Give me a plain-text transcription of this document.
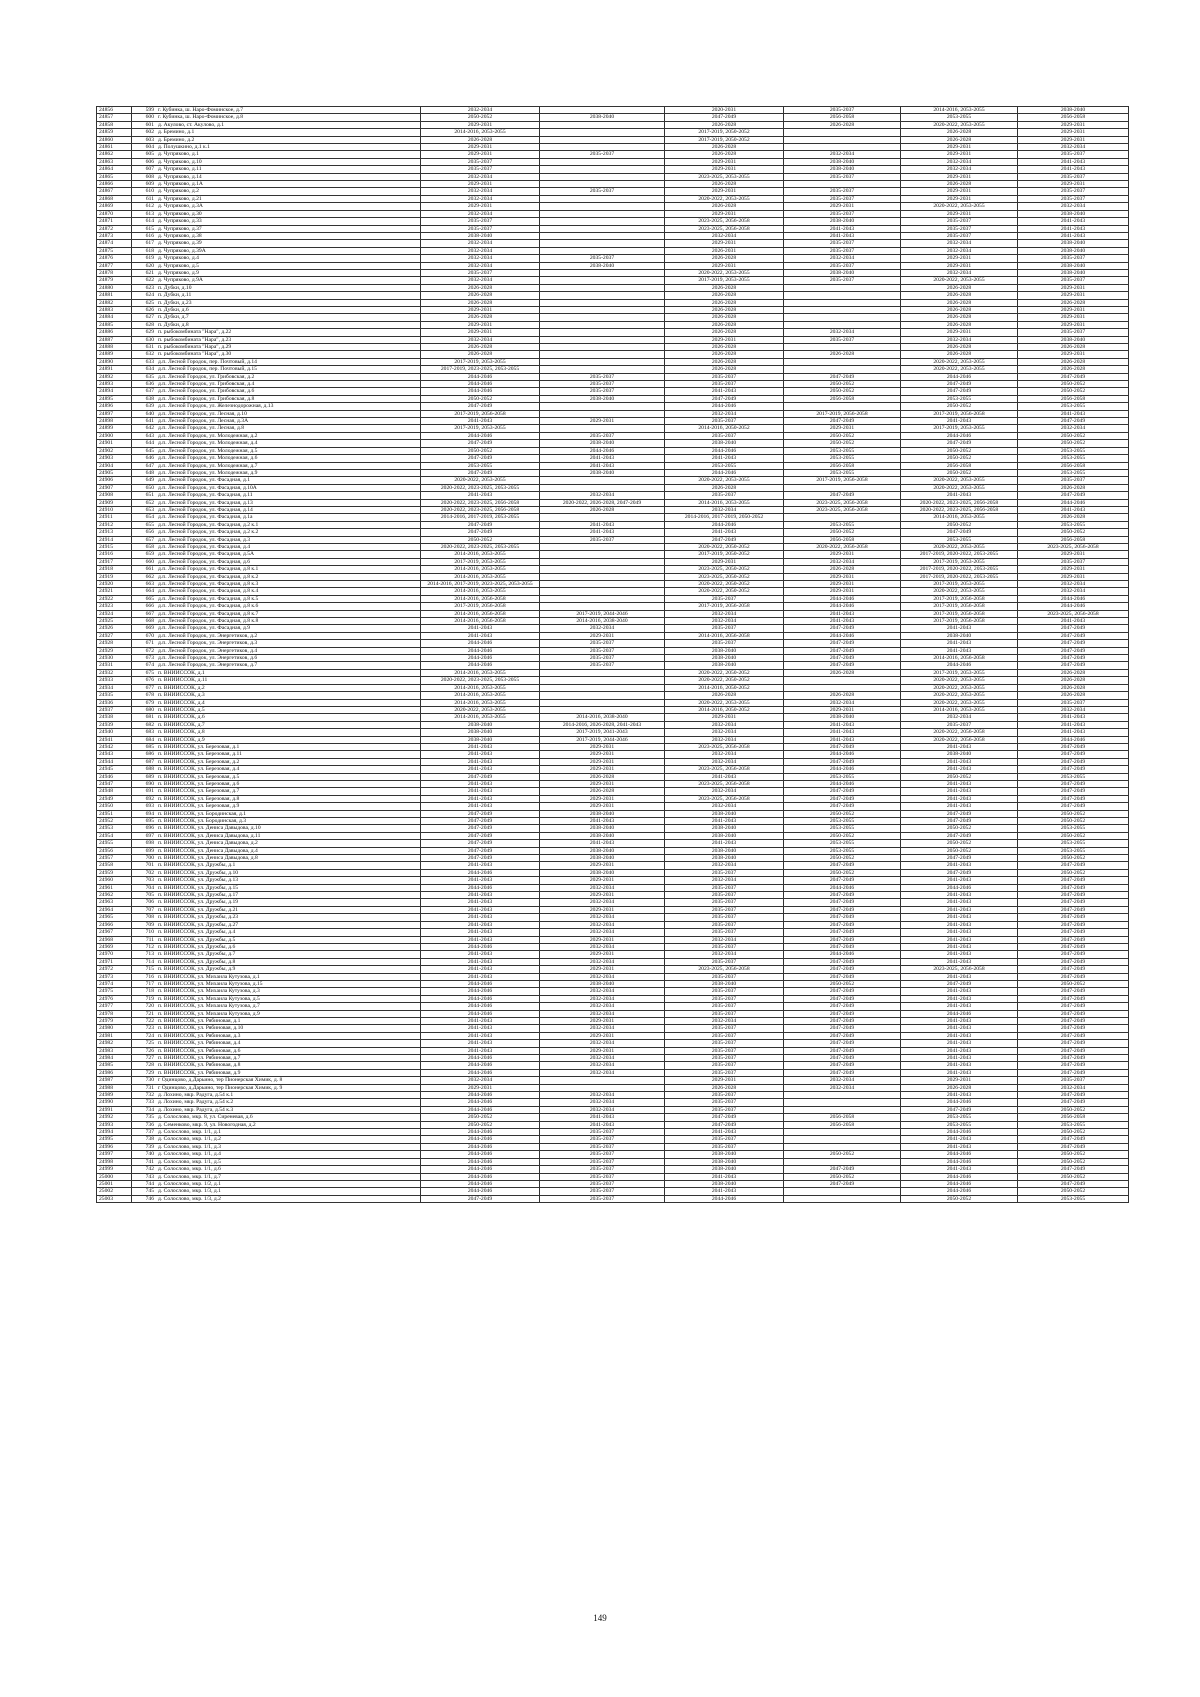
24856	599	г. Кубинка, ш. Наро-Фоминское, д.7	2032-2034		2020-2031	2035-2037	2014-2016, 2053-2055	2038-2040
24857	600	г. Кубинка, ш. Наро-Фоминское, д.8	2050-2052	2038-2040	2047-2049	2056-2058	2053-2055	2056-2058
24858	601	д. Акулово, ст. Акулово, д.1	2029-2031		2026-2028	2026-2028	2020-2022, 2053-2055	2029-2031
24859	602	д. Бремино, д.1	2014-2016, 2053-2055		2017-2019, 2050-2052		2026-2028	2029-2031
24860	603	д. Бремино, д.2	2026-2028		2017-2019, 2050-2052		2026-2028	2029-2031
24861	604	д. Полушкино, д.1 к.1	2029-2031		2026-2028		2029-2031	2032-2034
24862	605	д. Чупряково, д.1	2029-2031	2035-2037	2026-2028	2032-2034	2029-2031	2035-2037
24863	606	д. Чупряково, д.10	2035-2037		2029-2031	2038-2040	2032-2034	2041-2043
24864	607	д. Чупряково, д.11	2035-2037		2029-2031	2038-2040	2032-2034	2041-2043
24865	608	д. Чупряково, д.14	2032-2034		2023-2025, 2053-2055	2035-2037	2029-2031	2035-2037
24866	609	д. Чупряково, д.1А	2029-2031		2026-2028		2026-2028	2029-2031
24867	610	д. Чупряково, д.2	2032-2034	2035-2037	2029-2031	2035-2037	2029-2031	2035-2037
24868	611	д. Чупряково, д.21	2032-2034		2020-2022, 2053-2055	2035-2037	2029-2031	2035-2037
24869	612	д. Чупряково, д.3А	2029-2031		2026-2028	2029-2031	2020-2022, 2053-2055	2032-2034
24870	613	д. Чупряково, д.30	2032-2034		2029-2031	2035-2037	2029-2031	2038-2040
24871	614	д. Чупряково, д.33	2035-2037		2023-2025, 2056-2058	2038-2040	2035-2037	2041-2043
24872	615	д. Чупряково, д.37	2035-2037		2023-2025, 2056-2058	2041-2043	2035-2037	2041-2043
24873	616	д. Чупряково, д.38	2038-2040		2032-2034	2041-2043	2035-2037	2041-2043
24874	617	д. Чупряково, д.39	2032-2034		2029-2031	2035-2037	2032-2034	2038-2040
24875	618	д. Чупряково, д.39А	2032-2034		2026-2031	2035-2037	2032-2034	2038-2040
24876	619	д. Чупряково, д.4	2032-2034	2035-2037	2026-2028	2032-2034	2029-2031	2035-2037
24877	620	д. Чупряково, д.5	2032-2034	2038-2040	2029-2031	2035-2037	2029-2031	2038-2040
24878	621	д. Чупряково, д.9	2035-2037		2020-2022, 2053-2055	2038-2040	2032-2034	2038-2040
24879	622	д. Чупряково, д.9А	2032-2034		2017-2019, 2053-2055	2035-2037	2020-2022, 2053-2055	2035-2037
24880	623	п. Дубки, д.10	2026-2028		2026-2028		2026-2028	2029-2031
24881	624	п. Дубки, д.11	2026-2028		2026-2028		2026-2028	2029-2031
24882	625	п. Дубки, д.23	2026-2028		2026-2028		2026-2028	2026-2028
24883	626	п. Дубки, д.6	2029-2031		2026-2028		2026-2028	2029-2031
24884	627	п. Дубки, д.7	2026-2028		2026-2028		2026-2028	2029-2031
24885	628	п. Дубки, д.8	2029-2031		2026-2028		2026-2028	2029-2031
24886	629	п. рыбокомбината "Нара", д.22	2029-2031		2026-2028	2032-2034	2029-2031	2035-2037
24887	630	п. рыбокомбината "Нара", д.23	2032-2034		2029-2031	2035-2037	2032-2034	2038-2040
24888	631	п. рыбокомбината "Нара", д.29	2026-2028		2026-2028		2026-2028	2026-2028
24889	632	п. рыбокомбината "Нара", д.30	2026-2028		2026-2028	2026-2028	2026-2028	2029-2031
24890	633	д.п. Лесной Городок, пер. Почтовый, д.14	2017-2019, 2053-2055		2026-2028		2020-2022, 2053-2055	2026-2028
24891	634	д.п. Лесной Городок, пер. Почтовый, д.15	2017-2019, 2023-2025, 2053-2055		2026-2028		2020-2022, 2053-2055	2026-2028
24892	635	д.п. Лесной Городок, ул. Грибовская, д.2	2044-2046	2035-2037	2035-2037	2047-2049	2044-2046	2047-2049
24893	636	д.п. Лесной Городок, ул. Грибовская, д.4	2044-2046	2035-2037	2035-2037	2050-2052	2047-2049	2050-2052
24894	637	д.п. Лесной Городок, ул. Грибовская, д.6	2044-2046	2035-2037	2041-2043	2050-2052	2047-2049	2050-2052
24895	638	д.п. Лесной Городок, ул. Грибовская, д.8	2050-2052	2038-2040	2047-2049	2056-2058	2053-2055	2056-2058
24896	639	д.п. Лесной Городок, ул. Железнодорожная, д.13	2047-2049		2044-2046		2050-2052	2053-2055
24897	640	д.п. Лесной Городок, ул. Лесная, д.10	2017-2019, 2056-2058		2032-2034	2017-2019, 2056-2058	2017-2019, 2056-2058	2041-2043
24898	641	д.п. Лесной Городок, ул. Лесная, д.3А	2041-2043	2029-2031	2035-2037	2047-2049	2041-2043	2047-2049
24899	642	д.п. Лесной Городок, ул. Лесная, д.8	2017-2019, 2053-2055		2014-2016, 2050-2052	2029-2031	2017-2019, 2053-2055	2032-2034
24900	643	д.п. Лесной Городок, ул. Молодежная, д.2	2044-2046	2035-2037	2035-2037	2050-2052	2044-2046	2050-2052
24901	644	д.п. Лесной Городок, ул. Молодежная, д.4	2047-2049	2038-2040	2038-2040	2050-2052	2047-2049	2050-2052
24902	645	д.п. Лесной Городок, ул. Молодежная, д.5	2050-2052	2044-2046	2044-2046	2053-2055	2050-2052	2053-2055
24903	646	д.п. Лесной Городок, ул. Молодежная, д.6	2047-2049	2041-2043	2041-2043	2053-2055	2050-2052	2053-2055
24904	647	д.п. Лесной Городок, ул. Молодежная, д.7	2053-2055	2041-2043	2053-2055	2056-2058	2056-2058	2056-2058
24905	648	д.п. Лесной Городок, ул. Молодежная, д.9	2047-2049	2038-2040	2044-2046	2053-2055	2050-2052	2053-2055
24906	649	д.п. Лесной Городок, ул. Фасадная, д.1	2020-2022, 2053-2055		2020-2022, 2053-2055	2017-2019, 2056-2058	2020-2022, 2053-2055	2035-2037
24907	650	д.п. Лесной Городок, ул. Фасадная, д.10А	2020-2022, 2023-2025, 2053-2055		2026-2028		2020-2022, 2053-2055	2026-2028
24908	651	д.п. Лесной Городок, ул. Фасадная, д.11	2041-2043	2032-2034	2035-2037	2047-2049	2041-2043	2047-2049
24909	652	д.п. Лесной Городок, ул. Фасадная, д.13	2020-2022, 2023-2025, 2056-2058	2020-2022, 2026-2028, 2047-2049	2014-2016, 2053-2055	2023-2025, 2056-2058	2020-2022, 2023-2025, 2056-2058	2044-2046
24910	653	д.п. Лесной Городок, ул. Фасадная, д.14	2020-2022, 2023-2025, 2056-2058	2026-2028	2032-2034	2023-2025, 2056-2058	2020-2022, 2023-2025, 2056-2058	2041-2043
24911	654	д.п. Лесной Городок, ул. Фасадная, д.1а	2014-2016, 2017-2019, 2053-2055		2014-2016, 2017-2019, 2050-2052		2014-2016, 2053-2055	2026-2028
24912	655	д.п. Лесной Городок, ул. Фасадная, д.2 к.1	2047-2049	2041-2043	2044-2046	2053-2055	2050-2052	2053-2055
24913	656	д.п. Лесной Городок, ул. Фасадная, д.2 к.2	2047-2049	2041-2043	2041-2043	2050-2052	2047-2049	2050-2052
24914	657	д.п. Лесной Городок, ул. Фасадная, д.3	2050-2052	2035-2037	2047-2049	2056-2058	2053-2055	2056-2058
24915	658	д.п. Лесной Городок, ул. Фасадная, д.4	2020-2022, 2023-2025, 2053-2055		2020-2022, 2050-2052	2020-2022, 2056-2058	2020-2022, 2053-2055	2023-2025, 2056-2058
24916	659	д.п. Лесной Городок, ул. Фасадная, д.5А	2014-2016, 2053-2055		2017-2019, 2050-2052	2029-2031	2017-2019, 2020-2022, 2053-2055	2029-2031
24917	660	д.п. Лесной Городок, ул. Фасадная, д.6	2017-2019, 2053-2055		2029-2031	2032-2034	2017-2019, 2053-2055	2035-2037
24918	661	д.п. Лесной Городок, ул. Фасадная, д.8 к.1	2014-2016, 2053-2055		2023-2025, 2050-2052	2026-2028	2017-2019, 2020-2022, 2053-2055	2029-2031
24919	662	д.п. Лесной Городок, ул. Фасадная, д.8 к.2	2014-2016, 2053-2055		2023-2025, 2050-2052	2029-2031	2017-2019, 2020-2022, 2053-2055	2029-2031
24920	663	д.п. Лесной Городок, ул. Фасадная, д.8 к.3	2014-2016, 2017-2019, 2023-2025, 2053-2055		2020-2022, 2050-2052	2029-2031	2017-2019, 2053-2055	2032-2034
24921	664	д.п. Лесной Городок, ул. Фасадная, д.8 к.4	2014-2016, 2053-2055		2020-2022, 2050-2052	2029-2031	2020-2022, 2053-2055	2032-2034
24922	665	д.п. Лесной Городок, ул. Фасадная, д.8 к.5	2014-2016, 2056-2058		2035-2037	2044-2046	2017-2019, 2056-2058	2044-2046
24923	666	д.п. Лесной Городок, ул. Фасадная, д.8 к.6	2017-2019, 2056-2058		2017-2019, 2056-2058	2044-2046	2017-2019, 2056-2058	2044-2046
24924	667	д.п. Лесной Городок, ул. Фасадная, д.8 к.7	2014-2016, 2056-2058	2017-2019, 2044-2046	2032-2034	2041-2043	2017-2019, 2056-2058	2023-2025, 2056-2058
24925	668	д.п. Лесной Городок, ул. Фасадная, д.8 к.8	2014-2016, 2056-2058	2014-2016, 2038-2040	2032-2034	2041-2043	2017-2019, 2056-2058	2041-2043
24926	669	д.п. Лесной Городок, ул. Фасадная, д.9	2041-2043	2032-2034	2035-2037	2047-2049	2041-2043	2047-2049
24927	670	д.п. Лесной Городок, ул. Энергетиков, д.2	2041-2043	2029-2031	2014-2016, 2056-2058	2044-2046	2038-2040	2047-2049
24928	671	д.п. Лесной Городок, ул. Энергетиков, д.3	2044-2046	2035-2037	2035-2037	2047-2049	2041-2043	2047-2049
24929	672	д.п. Лесной Городок, ул. Энергетиков, д.4	2044-2046	2035-2037	2038-2040	2047-2049	2041-2043	2047-2049
24930	673	д.п. Лесной Городок, ул. Энергетиков, д.6	2044-2046	2035-2037	2038-2040	2047-2049	2014-2016, 2056-2058	2047-2049
24931	674	д.п. Лесной Городок, ул. Энергетиков, д.7	2044-2046	2035-2037	2038-2040	2047-2049	2044-2046	2047-2049
24932	675	п. ВНИИССОК, д.1	2014-2016, 2053-2055		2020-2022, 2050-2052	2026-2028	2017-2019, 2053-2055	2026-2028
24933	676	п. ВНИИССОК, д.11	2020-2022, 2023-2025, 2053-2055		2020-2022, 2050-2052		2020-2022, 2053-2055	2026-2028
24934	677	п. ВНИИССОК, д.2	2014-2016, 2053-2055		2014-2016, 2050-2052		2020-2022, 2053-2055	2026-2028
24935	678	п. ВНИИССОК, д.3	2014-2016, 2053-2055		2026-2028	2026-2028	2020-2022, 2053-2055	2026-2028
24936	679	п. ВНИИССОК, д.4	2014-2016, 2053-2055		2020-2022, 2053-2055	2032-2034	2020-2022, 2053-2055	2035-2037
24937	680	п. ВНИИССОК, д.5	2020-2022, 2053-2055		2014-2016, 2050-2052	2029-2031	2014-2016, 2053-2055	2032-2034
24938	681	п. ВНИИССОК, д.6	2014-2016, 2053-2055	2014-2016, 2038-2040	2029-2031	2038-2040	2032-2034	2041-2043
24939	682	п. ВНИИССОК, д.7	2038-2040	2014-2016, 2026-2028, 2041-2043	2032-2034	2041-2043	2035-2037	2041-2043
24940	683	п. ВНИИССОК, д.8	2038-2040	2017-2019, 2041-2043	2032-2034	2041-2043	2020-2022, 2056-2058	2041-2043
24941	684	п. ВНИИССОК, д.9	2038-2040	2017-2019, 2044-2046	2032-2034	2041-2043	2020-2022, 2056-2058	2044-2046
24942	685	п. ВНИИССОК, ул. Березовая, д.1	2041-2043	2029-2031	2023-2025, 2056-2058	2047-2049	2041-2043	2047-2049
24943	686	п. ВНИИССОК, ул. Березовая, д.11	2041-2043	2029-2031	2032-2034	2044-2046	2038-2040	2047-2049
24944	687	п. ВНИИССОК, ул. Березовая, д.2	2041-2043	2029-2031	2032-2034	2047-2049	2041-2043	2047-2049
24945	688	п. ВНИИССОК, ул. Березовая, д.4	2041-2043	2029-2031	2023-2025, 2056-2058	2044-2046	2041-2043	2047-2049
24946	689	п. ВНИИССОК, ул. Березовая, д.5	2047-2049	2026-2028	2041-2043	2053-2055	2050-2052	2053-2055
24947	690	п. ВНИИССОК, ул. Березовая, д.6	2041-2043	2029-2031	2023-2025, 2056-2058	2044-2046	2041-2043	2047-2049
24948	691	п. ВНИИССОК, ул. Березовая, д.7	2041-2043	2026-2028	2032-2034	2047-2049	2041-2043	2047-2049
24949	692	п. ВНИИССОК, ул. Березовая, д.8	2041-2043	2029-2031	2023-2025, 2056-2058	2047-2049	2041-2043	2047-2049
24950	693	п. ВНИИССОК, ул. Березовая, д.9	2041-2043	2029-2031	2032-2034	2047-2049	2041-2043	2047-2049
24951	694	п. ВНИИССОК, ул. Бородинская, д.1	2047-2049	2038-2040	2038-2040	2050-2052	2047-2049	2050-2052
24952	695	п. ВНИИССОК, ул. Бородинская, д.3	2047-2049	2041-2043	2041-2043	2053-2055	2047-2049	2050-2052
24953	696	п. ВНИИССОК, ул. Дениса Давыдова, д.10	2047-2049	2038-2040	2038-2040	2053-2055	2050-2052	2053-2055
24954	697	п. ВНИИССОК, ул. Дениса Давыдова, д.11	2047-2049	2038-2040	2038-2040	2050-2052	2047-2049	2050-2052
24955	698	п. ВНИИССОК, ул. Дениса Давыдова, д.2	2047-2049	2041-2043	2041-2043	2053-2055	2050-2052	2053-2055
24956	699	п. ВНИИССОК, ул. Дениса Давыдова, д.4	2047-2049	2038-2040	2038-2040	2053-2055	2050-2052	2053-2055
24957	700	п. ВНИИССОК, ул. Дениса Давыдова, д.8	2047-2049	2038-2040	2038-2040	2050-2052	2047-2049	2050-2052
24958	701	п. ВНИИССОК, ул. Дружбы, д.1	2041-2043	2029-2031	2032-2034	2047-2049	2041-2043	2047-2049
24959	702	п. ВНИИССОК, ул. Дружбы, д.10	2044-2046	2038-2040	2035-2037	2050-2052	2047-2049	2050-2052
24960	703	п. ВНИИССОК, ул. Дружбы, д.13	2041-2043	2029-2031	2032-2034	2047-2049	2041-2043	2047-2049
24961	704	п. ВНИИССОК, ул. Дружбы, д.15	2044-2046	2032-2034	2035-2037	2044-2046	2044-2046	2047-2049
24962	705	п. ВНИИССОК, ул. Дружбы, д.17	2041-2043	2029-2031	2035-2037	2047-2049	2041-2043	2047-2049
24963	706	п. ВНИИССОК, ул. Дружбы, д.19	2041-2043	2032-2034	2035-2037	2047-2049	2041-2043	2047-2049
24964	707	п. ВНИИССОК, ул. Дружбы, д.21	2041-2043	2029-2031	2035-2037	2047-2049	2041-2043	2047-2049
24965	708	п. ВНИИССОК, ул. Дружбы, д.23	2041-2043	2032-2034	2035-2037	2047-2049	2041-2043	2047-2049
24966	709	п. ВНИИССОК, ул. Дружбы, д.27	2041-2043	2032-2034	2035-2037	2047-2049	2041-2043	2047-2049
24967	710	п. ВНИИССОК, ул. Дружбы, д.4	2041-2043	2032-2034	2035-2037	2047-2049	2041-2043	2047-2049
24968	711	п. ВНИИССОК, ул. Дружбы, д.5	2041-2043	2029-2031	2032-2034	2047-2049	2041-2043	2047-2049
24969	712	п. ВНИИССОК, ул. Дружбы, д.6	2044-2046	2032-2034	2035-2037	2047-2049	2041-2043	2047-2049
24970	713	п. ВНИИССОК, ул. Дружбы, д.7	2041-2043	2029-2031	2032-2034	2044-2046	2041-2043	2047-2049
24971	714	п. ВНИИССОК, ул. Дружбы, д.8	2041-2043	2032-2034	2035-2037	2047-2049	2041-2043	2047-2049
24972	715	п. ВНИИССОК, ул. Дружбы, д.9	2041-2043	2029-2031	2023-2025, 2056-2058	2047-2049	2023-2025, 2056-2058	2047-2049
24973	716	п. ВНИИССОК, ул. Михаила Кутузова, д.1	2041-2043	2032-2034	2035-2037	2047-2049	2041-2043	2047-2049
24974	717	п. ВНИИССОК, ул. Михаила Кутузова, д.15	2044-2046	2038-2040	2038-2040	2050-2052	2047-2049	2050-2052
24975	718	п. ВНИИССОК, ул. Михаила Кутузова, д.3	2044-2046	2032-2034	2035-2037	2047-2049	2041-2043	2047-2049
24976	719	п. ВНИИССОК, ул. Михаила Кутузова, д.5	2044-2046	2032-2034	2035-2037	2047-2049	2041-2043	2047-2049
24977	720	п. ВНИИССОК, ул. Михаила Кутузова, д.7	2044-2046	2032-2034	2035-2037	2047-2049	2041-2043	2047-2049
24978	721	п. ВНИИССОК, ул. Михаила Кутузова, д.9	2044-2046	2032-2034	2035-2037	2047-2049	2044-2046	2047-2049
24979	722	п. ВНИИССОК, ул. Рябиновая, д.1	2041-2043	2029-2031	2032-2034	2047-2049	2041-2043	2047-2049
24980	723	п. ВНИИССОК, ул. Рябиновая, д.10	2041-2043	2032-2034	2035-2037	2047-2049	2041-2043	2047-2049
24981	724	п. ВНИИССОК, ул. Рябиновая, д.3	2041-2043	2029-2031	2035-2037	2047-2049	2041-2043	2047-2049
24982	725	п. ВНИИССОК, ул. Рябиновая, д.4	2041-2043	2032-2034	2035-2037	2047-2049	2041-2043	2047-2049
24983	726	п. ВНИИССОК, ул. Рябиновая, д.6	2041-2043	2029-2031	2035-2037	2047-2049	2041-2043	2047-2049
24984	727	п. ВНИИССОК, ул. Рябиновая, д.7	2044-2046	2032-2034	2035-2037	2047-2049	2041-2043	2047-2049
24985	728	п. ВНИИССОК, ул. Рябиновая, д.8	2044-2046	2032-2034	2035-2037	2047-2049	2041-2043	2047-2049
24986	729	п. ВНИИССОК, ул. Рябиновая, д.9	2044-2046	2032-2034	2035-2037	2047-2049	2041-2043	2047-2049
24987	730	г Одинцово, д.Дарьино, тер Пионерская Химик, д. 8	2032-2034		2029-2031	2032-2034	2029-2031	2035-2037
24988	731	г Одинцово, д.Дарьино, тер Пионерская Химик, д. 9	2029-2031		2026-2028	2032-2034	2026-2028	2032-2034
24989	732	д. Лохино, мкр. Радуга, д.54 к.1	2044-2046	2032-2034	2035-2037		2041-2043	2047-2049
24990	733	д. Лохино, мкр. Радуга, д.54 к.2	2044-2046	2032-2034	2035-2037		2044-2046	2047-2049
24991	734	д. Лохино, мкр. Радуга, д.54 к.3	2044-2046	2032-2034	2035-2037		2047-2049	2050-2052
24992	735	д. Солослово, мкр. 8, ул. Сиреневая, д.6	2050-2052	2041-2043	2047-2049	2056-2058	2053-2055	2056-2058
24993	736	д. Семенково, мкр. 9, ул. Новогодная, д.2	2050-2052	2041-2043	2047-2049	2056-2058	2053-2055	2053-2055
24994	737	д. Солослово, мкр. 1/1, д.1	2044-2046	2035-2037	2041-2043		2044-2046	2050-2052
24995	738	д. Солослово, мкр. 1/1, д.2	2044-2046	2035-2037	2035-2037		2041-2043	2047-2049
24996	739	д. Солослово, мкр. 1/1, д.3	2044-2046	2035-2037	2035-2037		2041-2043	2047-2049
24997	740	д. Солослово, мкр. 1/1, д.4	2044-2046	2035-2037	2038-2040	2050-2052	2044-2046	2050-2052
24998	741	д. Солослово, мкр. 1/1, д.5	2044-2046	2035-2037	2038-2040		2044-2046	2050-2052
24999	742	д. Солослово, мкр. 1/1, д.6	2044-2046	2035-2037	2038-2040	2047-2049	2041-2043	2047-2049
25000	743	д. Солослово, мкр. 1/1, д.7	2044-2046	2035-2037	2041-2043	2050-2052	2044-2046	2050-2052
25001	744	д. Солослово, мкр. 1/2, д.1	2044-2046	2035-2037	2038-2040	2047-2049	2044-2046	2047-2049
25002	745	д. Солослово, мкр. 1/3, д.1	2044-2046	2035-2037	2041-2043		2044-2046	2050-2052
25003	746	д. Солослово, мкр. 1/3, д.2	2047-2049	2035-2037	2044-2046		2050-2052	2053-2055
149
